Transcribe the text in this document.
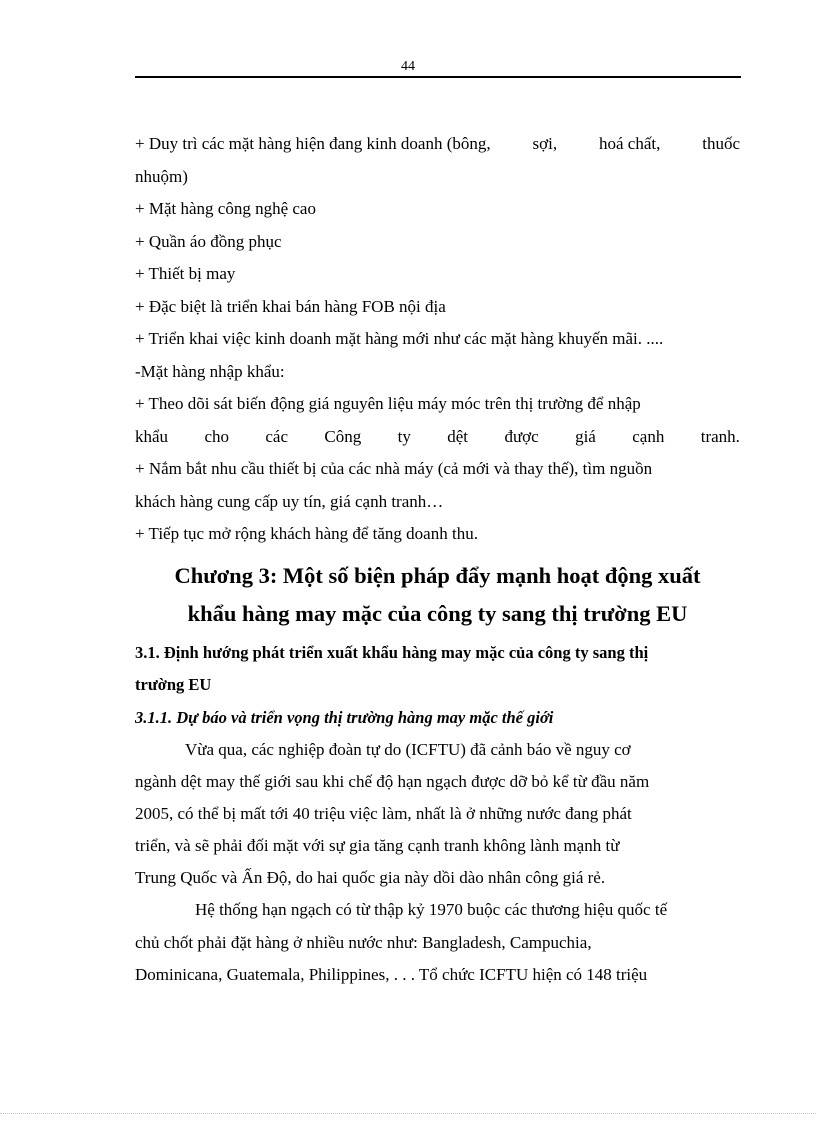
44
+ Duy trì các mặt hàng hiện đang kinh doanh (bông, sợi, hoá chất, thuốc
nhuộm)
+ Mặt hàng công nghệ cao
+ Quần áo đồng phục
+ Thiết bị may
+ Đặc biệt là triển khai bán hàng FOB nội địa
+ Triển khai việc kinh doanh mặt hàng mới như các mặt hàng khuyến mãi. ....
-Mặt hàng nhập khẩu:
+ Theo dõi sát biến động giá nguyên liệu máy móc trên thị trường để nhập
khẩu cho các Công ty dệt được giá cạnh tranh.
+ Nắm bắt nhu cầu thiết bị của các nhà máy (cả mới và thay thế), tìm nguồn
khách hàng cung cấp uy tín, giá cạnh tranh…
+ Tiếp tục mở rộng khách hàng để tăng doanh thu.
Chương 3: Một số biện pháp đẩy mạnh hoạt động xuất
khẩu hàng may mặc của công ty sang thị trường EU
3.1. Định hướng phát triển xuất khẩu hàng may mặc của công ty sang thị
trường EU
3.1.1. Dự báo và triển vọng thị trường hàng may mặc thế giới
Vừa qua, các nghiệp đoàn tự do (ICFTU) đã cảnh báo về nguy cơ
ngành dệt may thế giới sau khi chế độ hạn ngạch được dỡ bỏ kể từ đầu năm
2005, có thể bị mất tới 40 triệu việc làm, nhất là ở những nước đang phát
triển, và sẽ phải đối mặt với sự gia tăng cạnh tranh không lành mạnh từ
Trung Quốc và Ấn Độ, do hai quốc gia này dồi dào nhân công giá rẻ.
Hệ thống hạn ngạch có từ thập kỷ 1970 buộc các thương hiệu quốc tế
chủ chốt phải đặt hàng ở nhiều nước như: Bangladesh, Campuchia,
Dominicana, Guatemala, Philippines, . . . Tổ chức ICFTU hiện có 148 triệu
